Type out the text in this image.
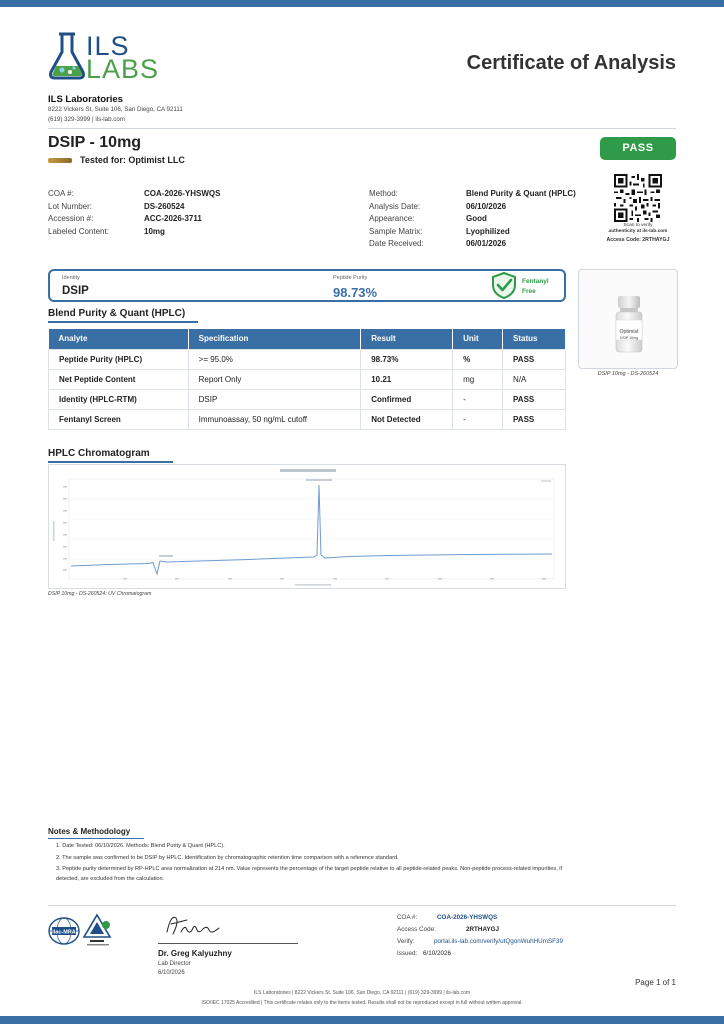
ILS
LABS	Certificate of Analysis
ILS Laboratories
8222 Vickers St, Suite 106, San Diego, CA 92111
(619) 329-3999 | ils-lab.com
DSIP - 10mg
Tested for: Optimist LLC
PASS
COA #:	COA-2026-YHSWQS
Lot Number:	DS-260524
Accession #:	ACC-2026-3711
Labeled Content:	10mg
Method:	Blend Purity & Quant (HPLC)
Analysis Date:	06/10/2026
Appearance:	Good
Sample Matrix:	Lyophilized
Date Received:	06/01/2026
Scan to verify
authenticity at ils-lab.com
Access Code: 2RTHAYGJ
Identity
DSIP
Peptide Purity
98.73%
Fentanyl
Free
Optimist
DSIP 10mg
DSIP 10mg - DS-260524
Blend Purity & Quant (HPLC)
Analyte	Specification	Result	Unit	Status
Peptide Purity (HPLC)	>= 95.0%	98.73%	%	PASS
Net Peptide Content	Report Only	10.21	mg	N/A
Identity (HPLC-RTM)	DSIP	Confirmed	-	PASS
Fentanyl Screen	Immunoassay, 50 ng/mL cutoff	Not Detected	-	PASS
HPLC Chromatogram
DSIP 10mg - DS-260524: UV Chromatogram
Notes & Methodology
1. Date Tested: 06/10/2026. Methods: Blend Purity & Quant (HPLC).
2. The sample was confirmed to be DSIP by HPLC. Identification by chromatographic retention time comparison with a reference standard.
3. Peptide purity determined by RP-HPLC area normalization at 214 nm. Value represents the percentage of the target peptide relative to all peptide-related peaks. Non-peptide process-related impurities, if
detected, are excluded from the calculation.
ilac-MRA
Dr. Greg Kalyuzhny
Lab Director
6/10/2026
COA #:	COA-2026-YHSWQS
Access Code:	2RTHAYGJ
Verify:	portal.ils-lab.com/verify/utQgonWuhHUmSF39
Issued: 6/10/2026
Page 1 of 1
ILS Laboratories | 8222 Vickers St, Suite 106, San Diego, CA 92111 | (619) 329-3999 | ils-lab.com
ISO/IEC 17025 Accredited | This certificate relates only to the items tested. Results shall not be reproduced except in full without written approval.
